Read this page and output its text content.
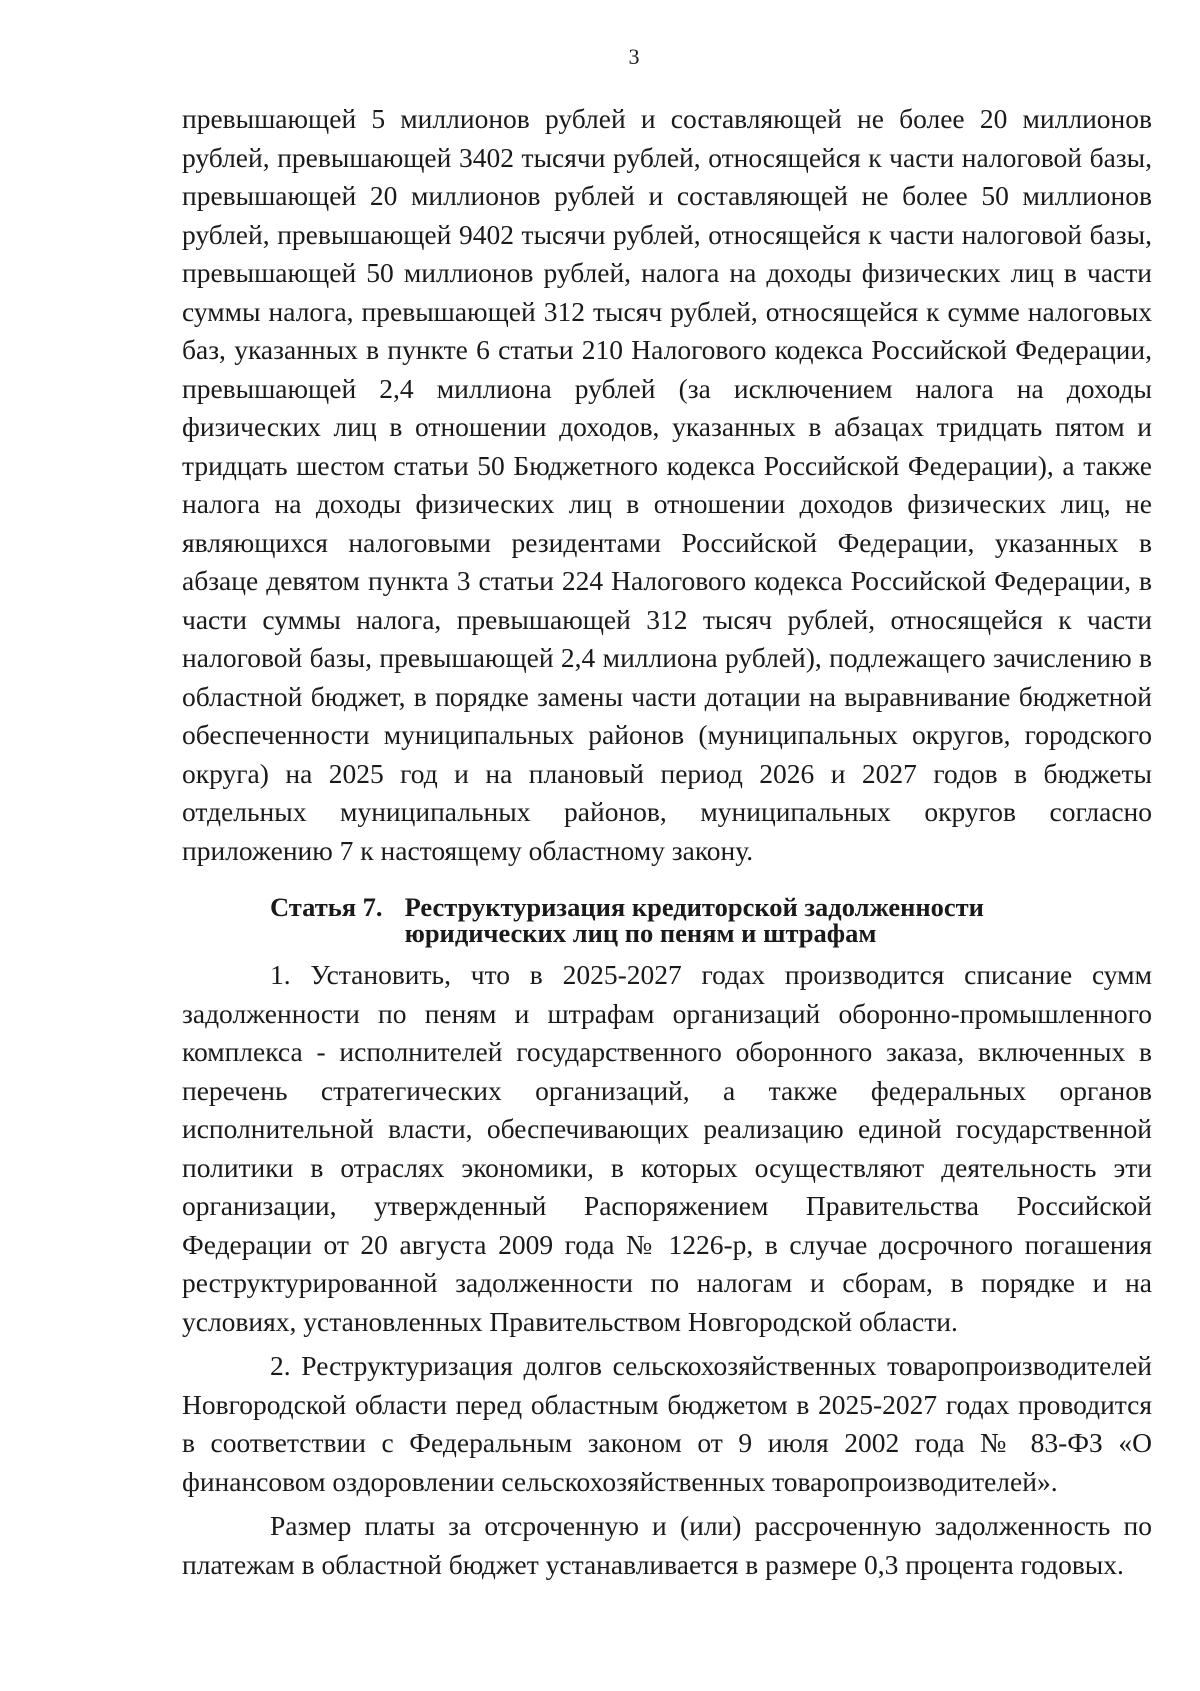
3

превышающей 5 миллионов рублей и составляющей не более 20 миллионов рублей, превышающей 3402 тысячи рублей, относящейся к части налоговой базы, превышающей 20 миллионов рублей и составляющей не более 50 миллионов рублей, превышающей 9402 тысячи рублей, относящейся к части налоговой базы, превышающей 50 миллионов рублей, налога на доходы физических лиц в части суммы налога, превышающей 312 тысяч рублей, относящейся к сумме налоговых баз, указанных в пункте 6 статьи 210 Налогового кодекса Российской Федерации, превышающей 2,4 миллиона рублей (за исключением налога на доходы физических лиц в отношении доходов, указанных в абзацах тридцать пятом и тридцать шестом статьи 50 Бюджетного кодекса Российской Федерации), а также налога на доходы физических лиц в отношении доходов физических лиц, не являющихся налоговыми резидентами Российской Федерации, указанных в абзаце девятом пункта 3 статьи 224 Налогового кодекса Российской Федерации, в части суммы налога, превышающей 312 тысяч рублей, относящейся к части налоговой базы, превышающей 2,4 миллиона рублей), подлежащего зачислению в областной бюджет, в порядке замены части дотации на выравнивание бюджетной обеспеченности муниципальных районов (муниципальных округов, городского округа) на 2025 год и на плановый период 2026 и 2027 годов в бюджеты отдельных муниципальных районов, муниципальных округов согласно приложению 7 к настоящему областному закону.

Статья 7. Реструктуризация кредиторской задолженности
юридических лиц по пеням и штрафам

1. Установить, что в 2025-2027 годах производится списание сумм задолженности по пеням и штрафам организаций оборонно-промышленного комплекса - исполнителей государственного оборонного заказа, включенных в перечень стратегических организаций, а также федеральных органов исполнительной власти, обеспечивающих реализацию единой государственной политики в отраслях экономики, в которых осуществляют деятельность эти организации, утвержденный Распоряжением Правительства Российской Федерации от 20 августа 2009 года № 1226-р, в случае досрочного погашения реструктурированной задолженности по налогам и сборам, в порядке и на условиях, установленных Правительством Новгородской области.

2. Реструктуризация долгов сельскохозяйственных товаропроизводителей Новгородской области перед областным бюджетом в 2025-2027 годах проводится в соответствии с Федеральным законом от 9 июля 2002 года № 83-ФЗ «О финансовом оздоровлении сельскохозяйственных товаропроизводителей».

Размер платы за отсроченную и (или) рассроченную задолженность по платежам в областной бюджет устанавливается в размере 0,3 процента годовых.
